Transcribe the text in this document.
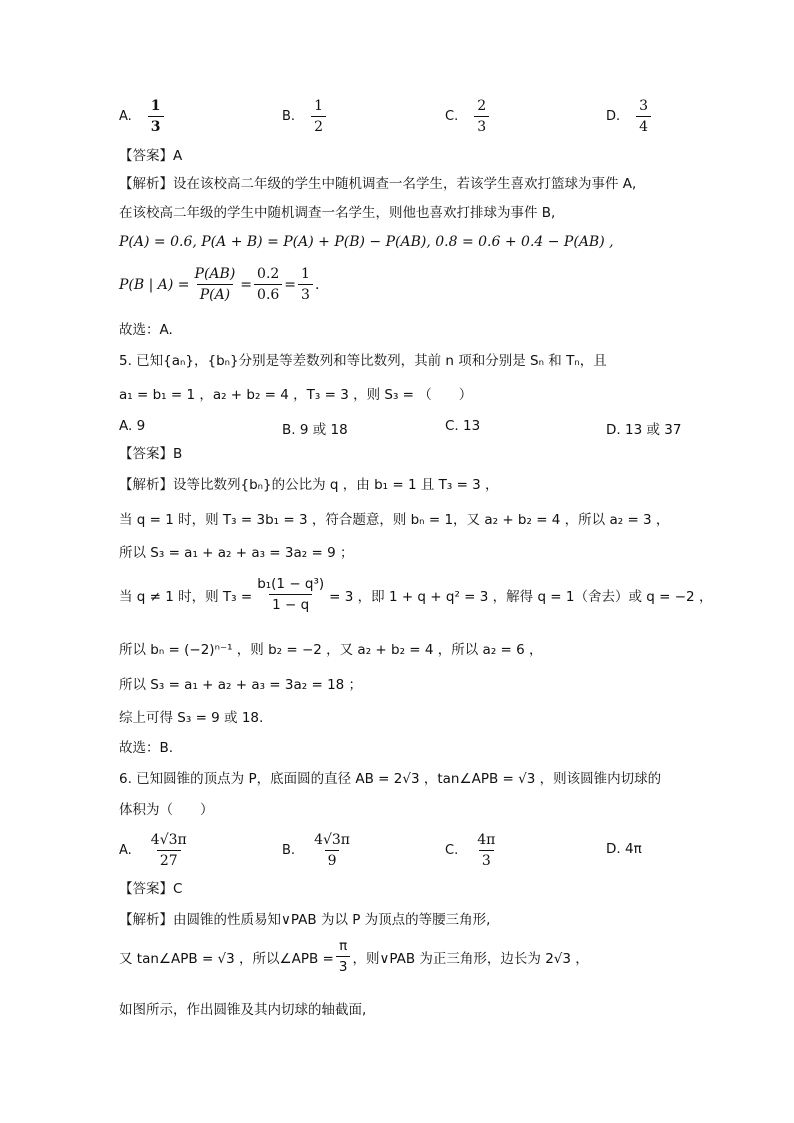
A. $\frac{1}{3}$	B. $\frac{1}{2}$	C. $\frac{2}{3}$	D. $\frac{3}{4}$
【答案】A
【解析】设在该校高二年级的学生中随机调查一名学生，若该学生喜欢打篮球为事件 A,
在该校高二年级的学生中随机调查一名学生，则他也喜欢打排球为事件 B,
P(A) = 0.6, P(A + B) = P(A) + P(B) − P(AB), 0.8 = 0.6 + 0.4 − P(AB) ,
P(B | $A) = \frac{P(AB)}{P(A)} = \frac{0.2}{0.6} = \frac{1}{3}$ .
故选：A.
5. 已知{aₙ}，{bₙ}分别是等差数列和等比数列，其前 n 项和分别是 Sₙ 和 Tₙ，且
a₁ = b₁ = 1 ，a₂ + b₂ = 4 ，T₃ = 3 ，则 S₃ = （　　）
A. 9	B. 9 或 18	C. 13	D. 13 或 37
【答案】B
【解析】设等比数列{bₙ}的公比为 q ，由 b₁ = 1 且 T₃ = 3 ，
当 q = 1 时，则 T₃ = 3b₁ = 3 ，符合题意，则 bₙ = 1，又 a₂ + b₂ = 4 ，所以 a₂ = 3 ，
所以 S₃ = a₁ + a₂ + a₃ = 3a₂ = 9 ；
当 q ≠ 1 时，则 $T_3 = \frac{\text{b₁(1 − q³)}}{1 - q} = 3$ ，即 1 + q + q² = 3 ，解得 q = 1（舍去）或 q = −2 ，
所以 bₙ = (−2)ⁿ⁻¹ ，则 b₂ = −2 ，又 a₂ + b₂ = 4 ，所以 a₂ = 6 ，
所以 S₃ = a₁ + a₂ + a₃ = 3a₂ = 18 ；
综上可得 S₃ = 9 或 18.
故选：B.
6. 已知圆锥的顶点为 P，底面圆的直径 AB = 2√3 ，tan∠APB = √3 ，则该圆锥内切球的
体积为（　　）
A. $\frac{4√3\pi}{27}$	B. $\frac{4√3\pi}{9}$	C. $\frac{4\pi}{3}$	D. 4π
【答案】C
【解析】由圆锥的性质易知∨PAB 为以 P 为顶点的等腰三角形,
又 tan∠APB = √3 ，所以∠APB = $\frac{\pi}{3}$ ，则∨PAB 为正三角形，边长为 2√3 ，
如图所示，作出圆锥及其内切球的轴截面,
